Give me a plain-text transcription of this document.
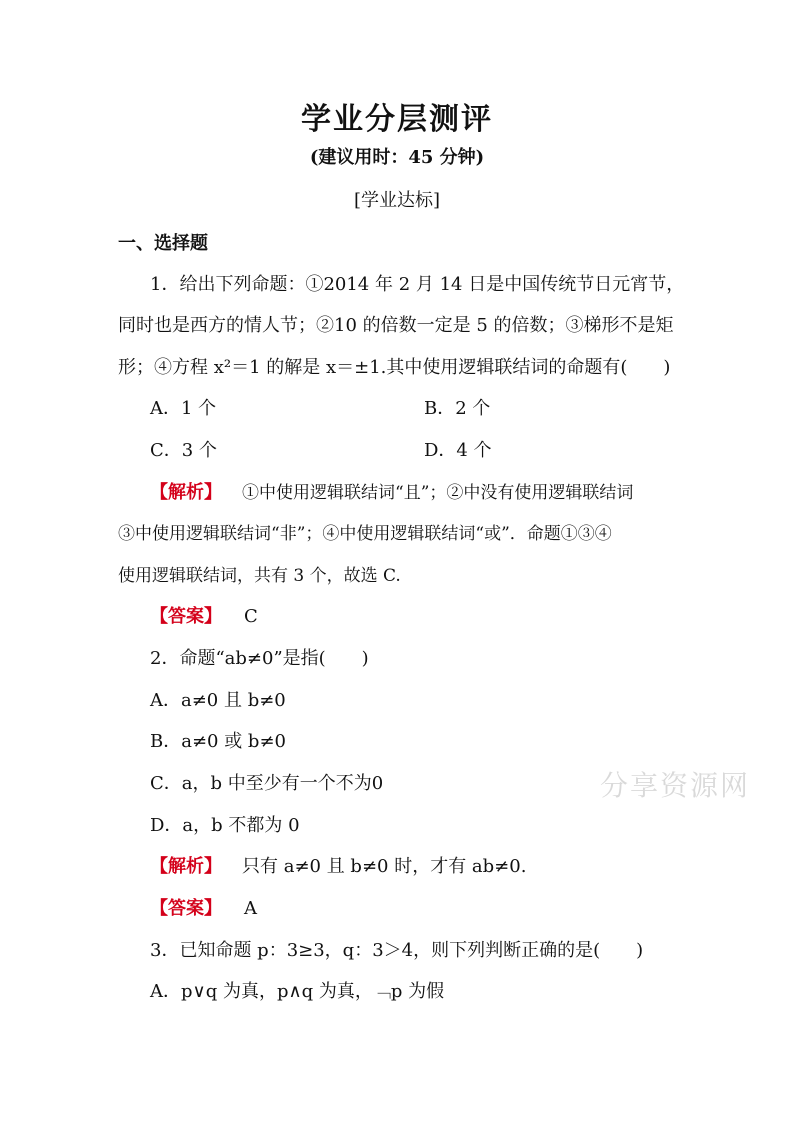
学业分层测评
(建议用时：45 分钟)
[学业达标]
一、选择题
1．给出下列命题：①2014 年 2 月 14 日是中国传统节日元宵节，
同时也是西方的情人节；②10 的倍数一定是 5 的倍数；③梯形不是矩
形；④方程 x²＝1 的解是 x＝±1.其中使用逻辑联结词的命题有(　　)
A．1 个	B．2 个
C．3 个	D．4 个
【解析】 ①中使用逻辑联结词“且”；②中没有使用逻辑联结词
③中使用逻辑联结词“非”；④中使用逻辑联结词“或”．命题①③④
使用逻辑联结词，共有 3 个，故选 C.
【答案】 C
2．命题“ab≠0”是指(　　)
A．a≠0 且 b≠0
B．a≠0 或 b≠0
C．a，b 中至少有一个不为0
D．a，b 不都为 0
【解析】 只有 a≠0 且 b≠0 时，才有 ab≠0.
【答案】 A
3．已知命题 p：3≥3，q：3＞4，则下列判断正确的是(　　)
A．p∨q 为真，p∧q 为真，﹁p 为假
分享资源网
